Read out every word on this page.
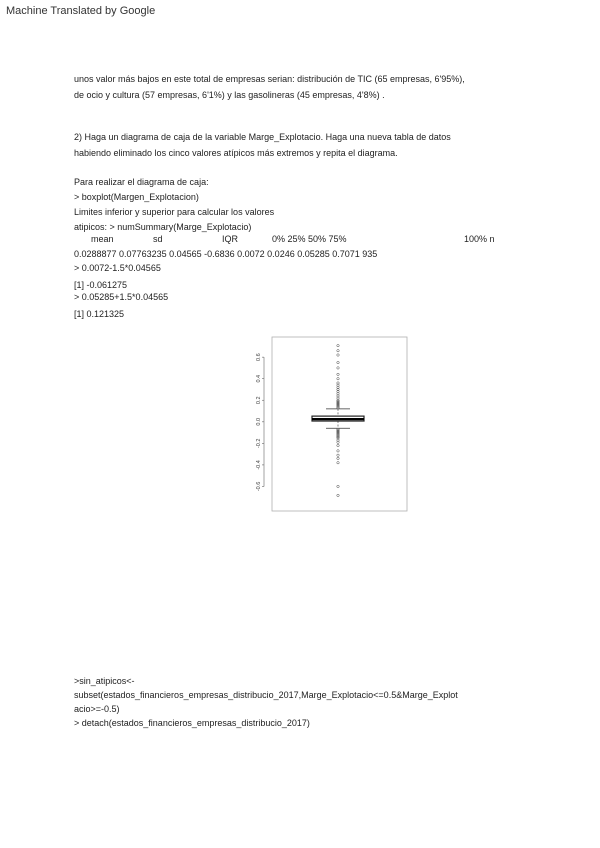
Machine Translated by Google
unos valor más bajos en este total de empresas serian: distribución de TIC (65 empresas, 6'95%),
de ocio y cultura (57 empresas, 6'1%) y las gasolineras (45 empresas, 4'8%) .
2) Haga un diagrama de caja de la variable Marge_Explotacio. Haga una nueva tabla de datos
habiendo eliminado los cinco valores atípicos más extremos y repita el diagrama.
Para realizar el diagrama de caja:
> boxplot(Margen_Explotacion)
Limites inferior y superior para calcular los valores
atipicos: > numSummary(Marge_Explotacio)
mean	sd	IQR	0% 25% 50% 75%	100% n
0.0288877 0.07763235 0.04565 -0.6836 0.0072 0.0246 0.05285 0.7071 935
> 0.0072-1.5*0.04565
[1] -0.061275
> 0.05285+1.5*0.04565
[1] 0.121325
-0.6
-0.4
-0.2
0.0
0.2
0.4
0.6
>sin_atipicos<-
subset(estados_financieros_empresas_distribucio_2017,Marge_Explotacio<=0.5&Marge_Explot
acio>=-0.5)
> detach(estados_financieros_empresas_distribucio_2017)
